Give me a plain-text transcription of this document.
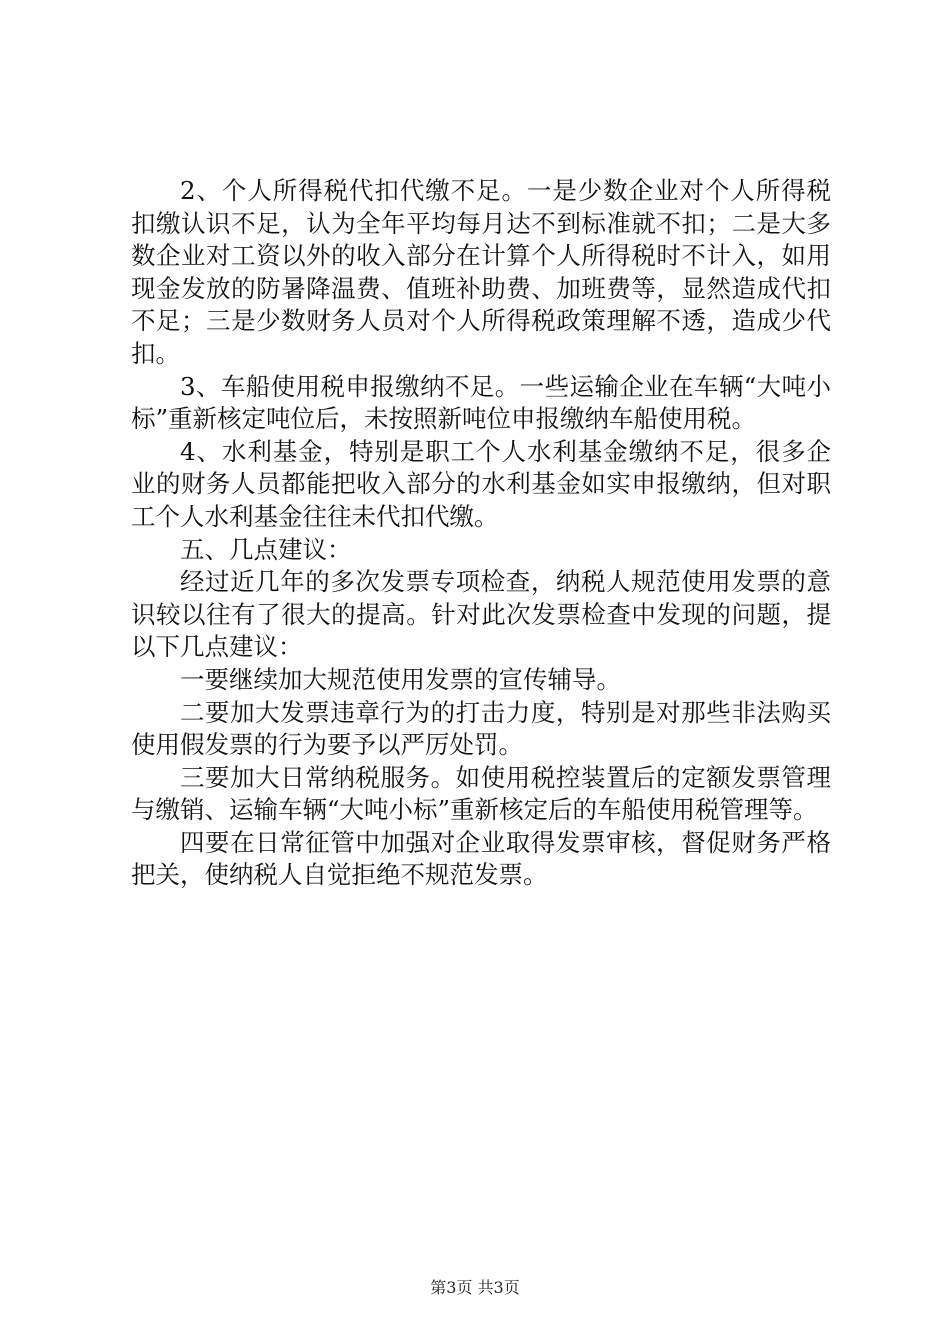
2、个人所得税代扣代缴不足。一是少数企业对个人所得税扣缴认识不足，认为全年平均每月达不到标准就不扣；二是大多数企业对工资以外的收入部分在计算个人所得税时不计入，如用现金发放的防暑降温费、值班补助费、加班费等，显然造成代扣不足；三是少数财务人员对个人所得税政策理解不透，造成少代扣。

3、车船使用税申报缴纳不足。一些运输企业在车辆“大吨小标”重新核定吨位后，未按照新吨位申报缴纳车船使用税。

4、水利基金，特别是职工个人水利基金缴纳不足，很多企业的财务人员都能把收入部分的水利基金如实申报缴纳，但对职工个人水利基金往往未代扣代缴。

五、几点建议：

经过近几年的多次发票专项检查，纳税人规范使用发票的意识较以往有了很大的提高。针对此次发票检查中发现的问题，提以下几点建议：

一要继续加大规范使用发票的宣传辅导。

二要加大发票违章行为的打击力度，特别是对那些非法购买使用假发票的行为要予以严厉处罚。

三要加大日常纳税服务。如使用税控装置后的定额发票管理与缴销、运输车辆“大吨小标”重新核定后的车船使用税管理等。

四要在日常征管中加强对企业取得发票审核，督促财务严格把关，使纳税人自觉拒绝不规范发票。

第3页 共3页
